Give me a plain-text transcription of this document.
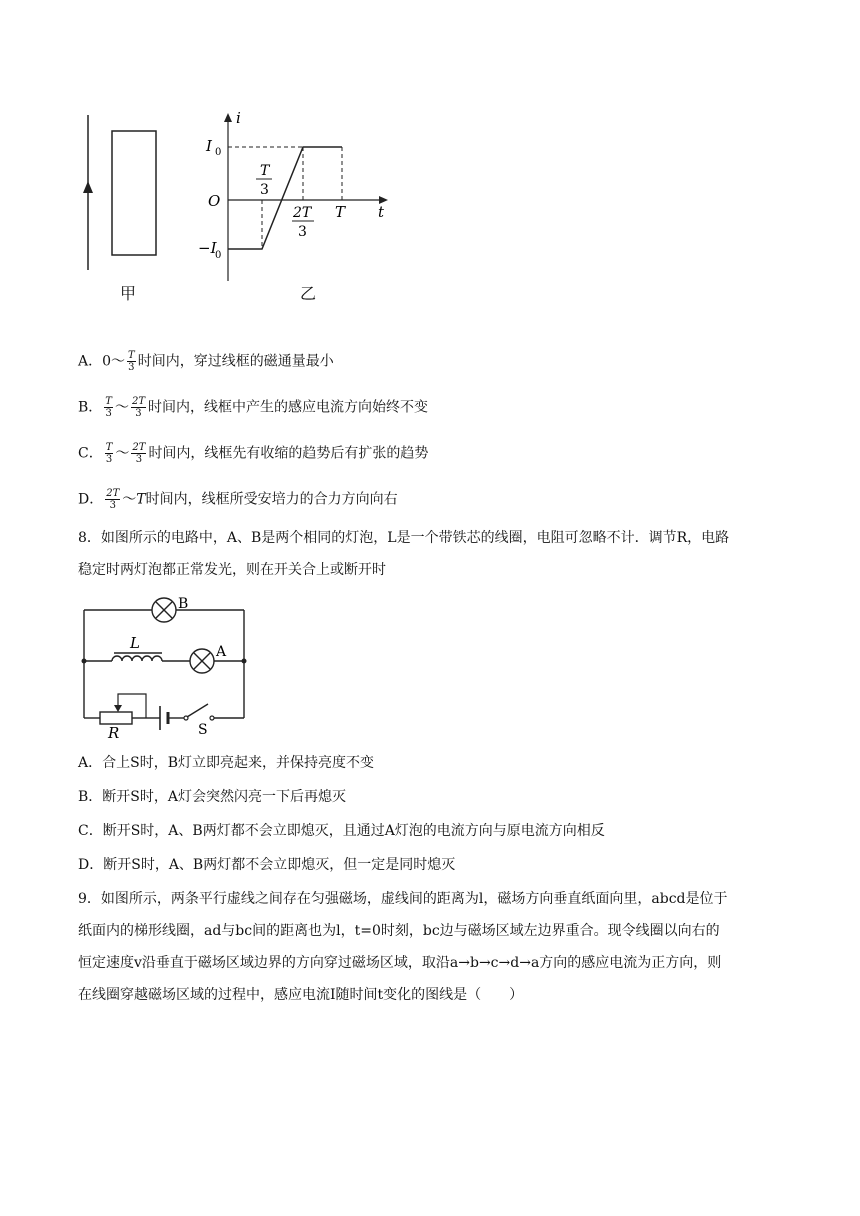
i
t
I 0
O
−I
0
T
3
2T
3
T
甲	乙
A．0～ $\frac{T}{3}$ 时间内，穿过线框的磁通量最小
B． $\frac{T}{3}$ ～ $\frac{2T}{3}$ 时间内，线框中产生的感应电流方向始终不变
C． $\frac{T}{3}$ ～ $\frac{2T}{3}$ 时间内，线框先有收缩的趋势后有扩张的趋势
D． $\frac{2T}{3}$ ～T时间内，线框所受安培力的合力方向向右
8．如图所示的电路中，A、B是两个相同的灯泡，L是一个带铁芯的线圈，电阻可忽略不计．调节R，电路
稳定时两灯泡都正常发光，则在开关合上或断开时
B
L	A
R	S
A．合上S时，B灯立即亮起来，并保持亮度不变
B．断开S时，A灯会突然闪亮一下后再熄灭
C．断开S时，A、B两灯都不会立即熄灭，且通过A灯泡的电流方向与原电流方向相反
D．断开S时，A、B两灯都不会立即熄灭，但一定是同时熄灭
9．如图所示，两条平行虚线之间存在匀强磁场，虚线间的距离为l，磁场方向垂直纸面向里，abcd是位于
纸面内的梯形线圈，ad与bc间的距离也为l，t=0时刻，bc边与磁场区域左边界重合。现令线圈以向右的
恒定速度v沿垂直于磁场区域边界的方向穿过磁场区域，取沿a→b→c→d→a方向的感应电流为正方向，则
在线圈穿越磁场区域的过程中，感应电流I随时间t变化的图线是（　　）
